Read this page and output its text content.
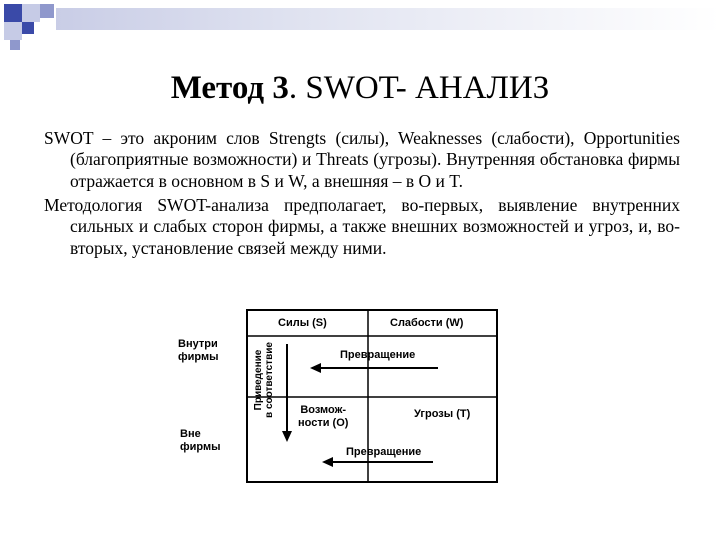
Метод 3. SWOT- АНАЛИЗ

SWOT – это акроним слов Strengts (силы), Weaknesses (слабости), Opportunities (благоприятные возможности) и Threats (угрозы). Внутренняя обстановка фирмы отражается в основном в S и W, а внешняя – в O и T.

Методология SWOT-анализа предполагает, во-первых, выявление внутренних сильных и слабых сторон фирмы, а также внешних возможностей и угроз, и, во-вторых, установление связей между ними.

Силы (S)	Слабости (W)
Внутри
фирмы
Вне
фирмы
Превращение
Превращение
Возмож-
ности (O)
Угрозы (T)
Приведение в соответствие
